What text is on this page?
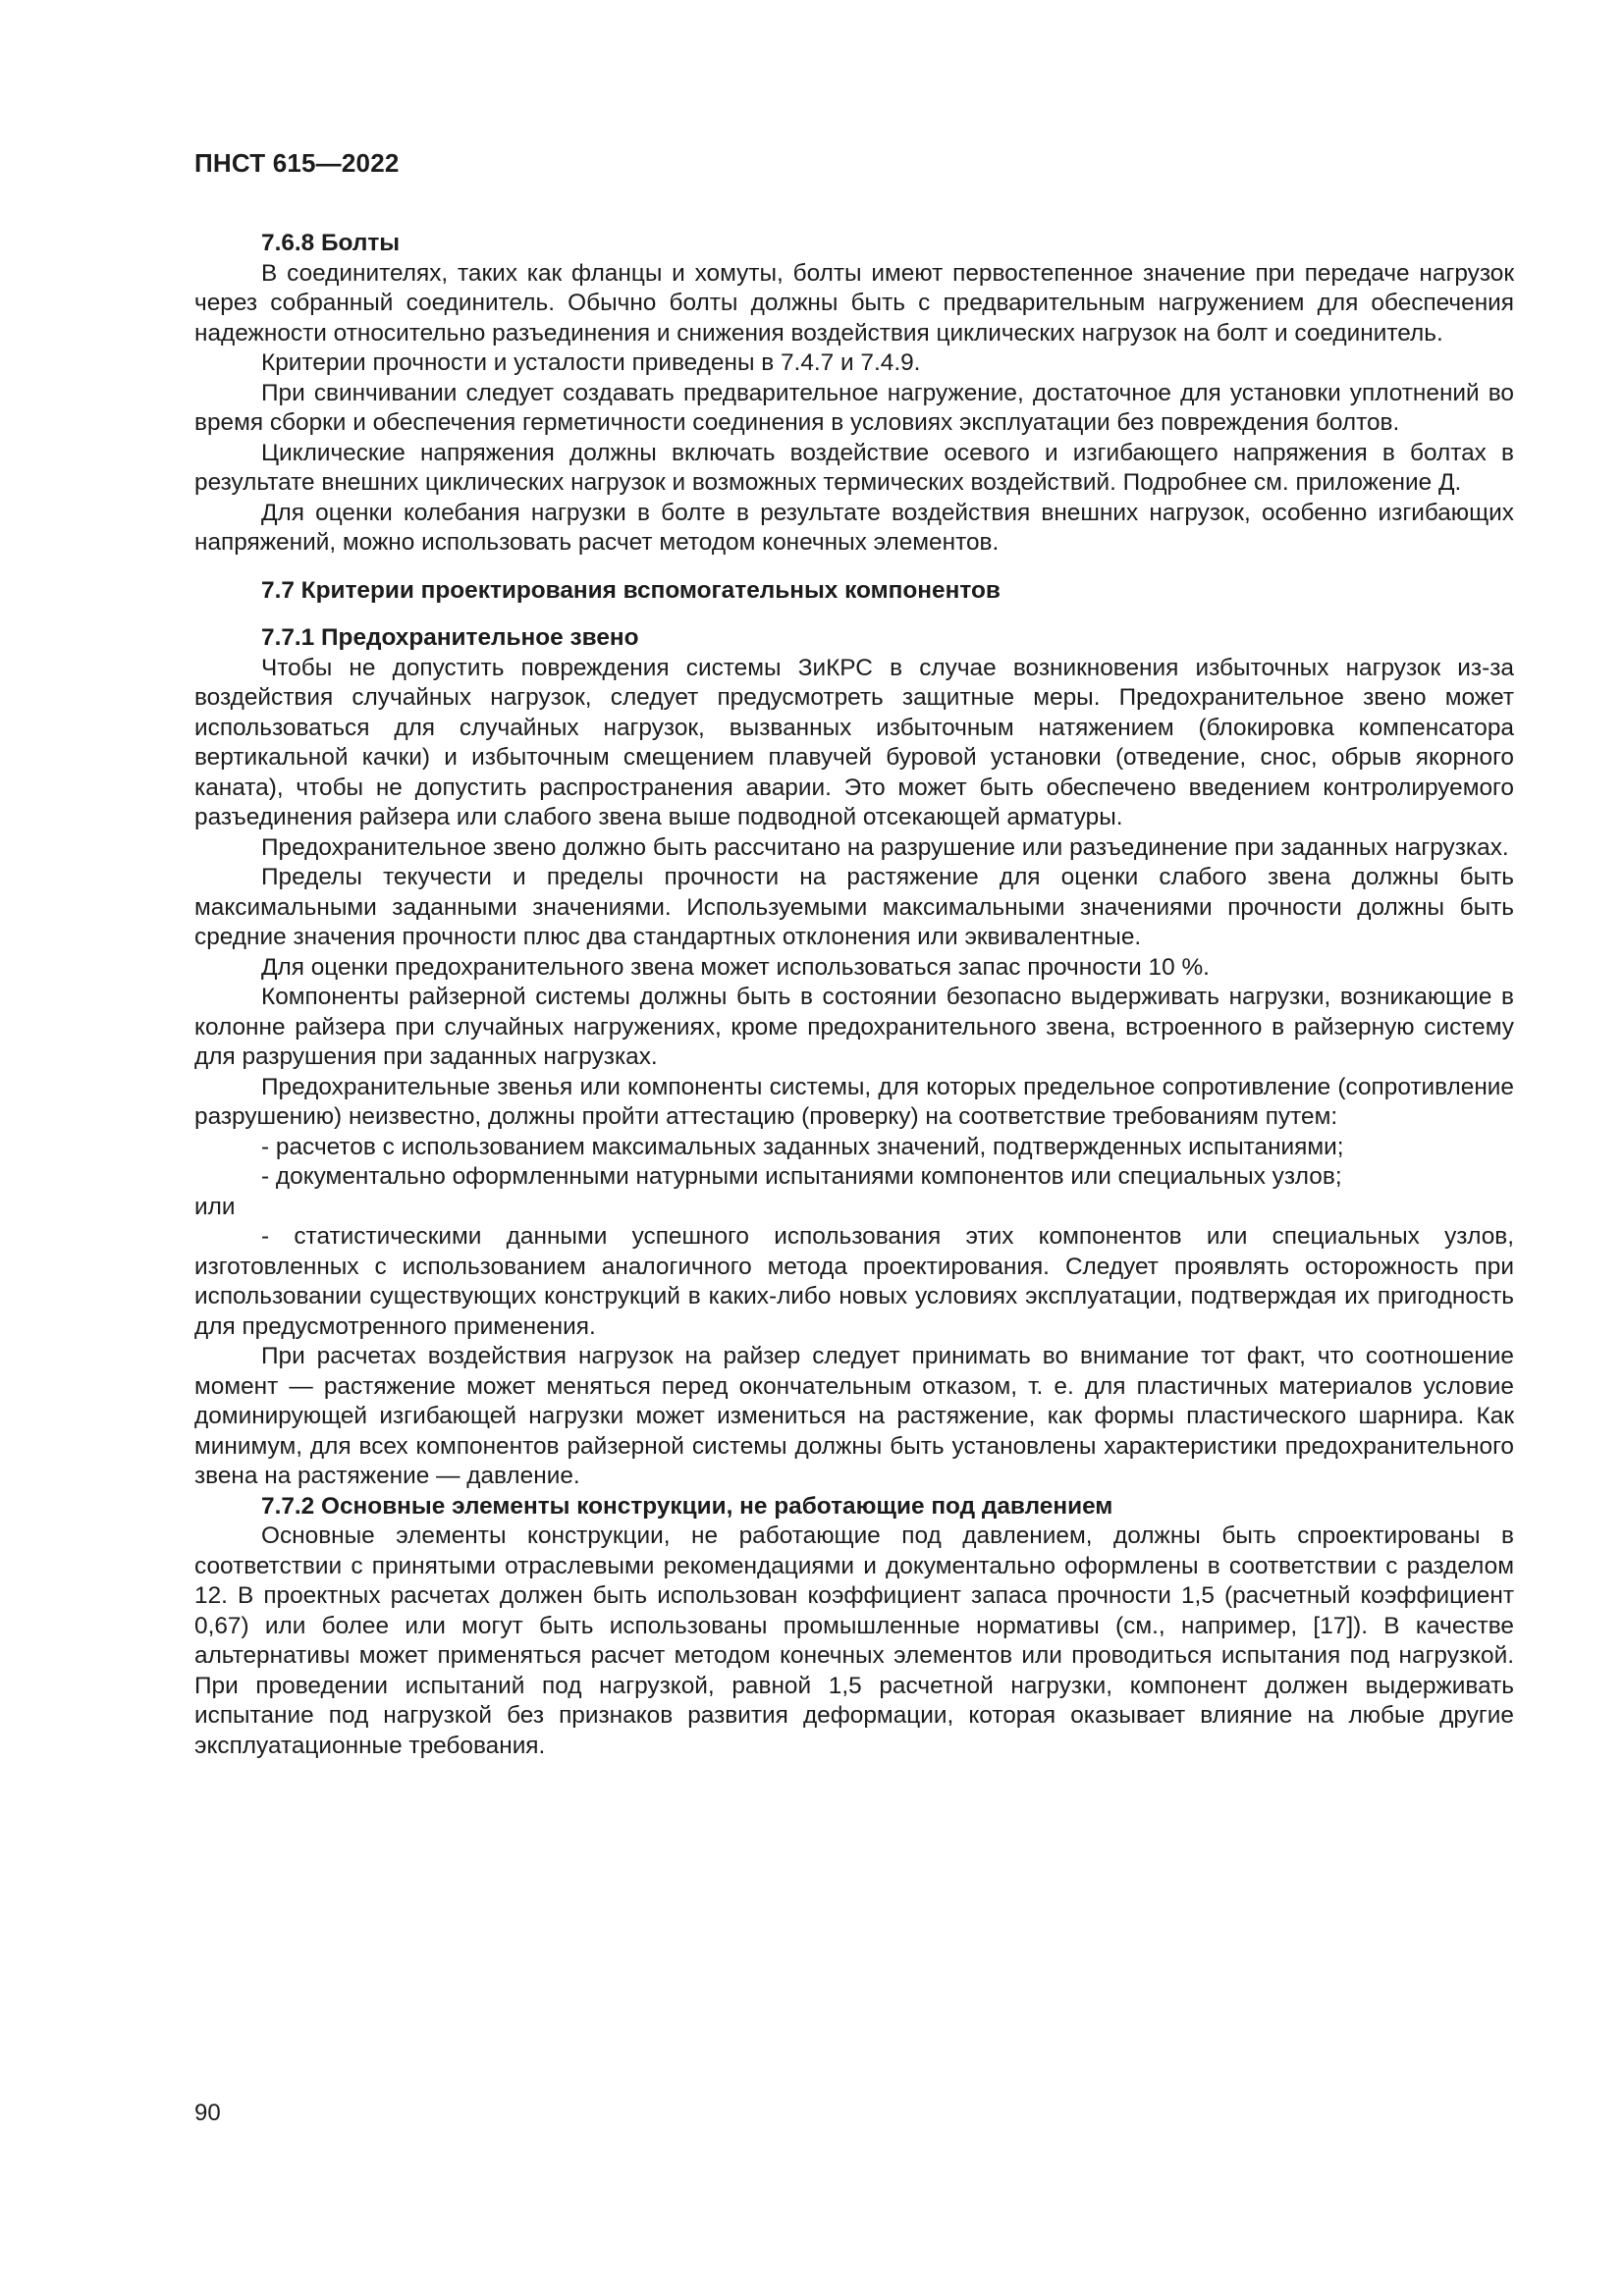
ПНСТ 615—2022
7.6.8 Болты
В соединителях, таких как фланцы и хомуты, болты имеют первостепенное значение при передаче нагрузок через собранный соединитель. Обычно болты должны быть с предварительным нагружением для обеспечения надежности относительно разъединения и снижения воздействия циклических нагрузок на болт и соединитель.
Критерии прочности и усталости приведены в 7.4.7 и 7.4.9.
При свинчивании следует создавать предварительное нагружение, достаточное для установки уплотнений во время сборки и обеспечения герметичности соединения в условиях эксплуатации без повреждения болтов.
Циклические напряжения должны включать воздействие осевого и изгибающего напряжения в болтах в результате внешних циклических нагрузок и возможных термических воздействий. Подробнее см. приложение Д.
Для оценки колебания нагрузки в болте в результате воздействия внешних нагрузок, особенно изгибающих напряжений, можно использовать расчет методом конечных элементов.
7.7 Критерии проектирования вспомогательных компонентов
7.7.1 Предохранительное звено
Чтобы не допустить повреждения системы ЗиКРС в случае возникновения избыточных нагрузок из-за воздействия случайных нагрузок, следует предусмотреть защитные меры. Предохранительное звено может использоваться для случайных нагрузок, вызванных избыточным натяжением (блокировка компенсатора вертикальной качки) и избыточным смещением плавучей буровой установки (отведение, снос, обрыв якорного каната), чтобы не допустить распространения аварии. Это может быть обеспечено введением контролируемого разъединения райзера или слабого звена выше подводной отсекающей арматуры.
Предохранительное звено должно быть рассчитано на разрушение или разъединение при заданных нагрузках.
Пределы текучести и пределы прочности на растяжение для оценки слабого звена должны быть максимальными заданными значениями. Используемыми максимальными значениями прочности должны быть средние значения прочности плюс два стандартных отклонения или эквивалентные.
Для оценки предохранительного звена может использоваться запас прочности 10 %.
Компоненты райзерной системы должны быть в состоянии безопасно выдерживать нагрузки, возникающие в колонне райзера при случайных нагружениях, кроме предохранительного звена, встроенного в райзерную систему для разрушения при заданных нагрузках.
Предохранительные звенья или компоненты системы, для которых предельное сопротивление (сопротивление разрушению) неизвестно, должны пройти аттестацию (проверку) на соответствие требованиям путем:
- расчетов с использованием максимальных заданных значений, подтвержденных испытаниями;
- документально оформленными натурными испытаниями компонентов или специальных узлов;
или
- статистическими данными успешного использования этих компонентов или специальных узлов, изготовленных с использованием аналогичного метода проектирования. Следует проявлять осторожность при использовании существующих конструкций в каких-либо новых условиях эксплуатации, подтверждая их пригодность для предусмотренного применения.
При расчетах воздействия нагрузок на райзер следует принимать во внимание тот факт, что соотношение момент — растяжение может меняться перед окончательным отказом, т. е. для пластичных материалов условие доминирующей изгибающей нагрузки может измениться на растяжение, как формы пластического шарнира. Как минимум, для всех компонентов райзерной системы должны быть установлены характеристики предохранительного звена на растяжение — давление.
7.7.2 Основные элементы конструкции, не работающие под давлением
Основные элементы конструкции, не работающие под давлением, должны быть спроектированы в соответствии с принятыми отраслевыми рекомендациями и документально оформлены в соответствии с разделом 12. В проектных расчетах должен быть использован коэффициент запаса прочности 1,5 (расчетный коэффициент 0,67) или более или могут быть использованы промышленные нормативы (см., например, [17]). В качестве альтернативы может применяться расчет методом конечных элементов или проводиться испытания под нагрузкой. При проведении испытаний под нагрузкой, равной 1,5 расчетной нагрузки, компонент должен выдерживать испытание под нагрузкой без признаков развития деформации, которая оказывает влияние на любые другие эксплуатационные требования.
90
